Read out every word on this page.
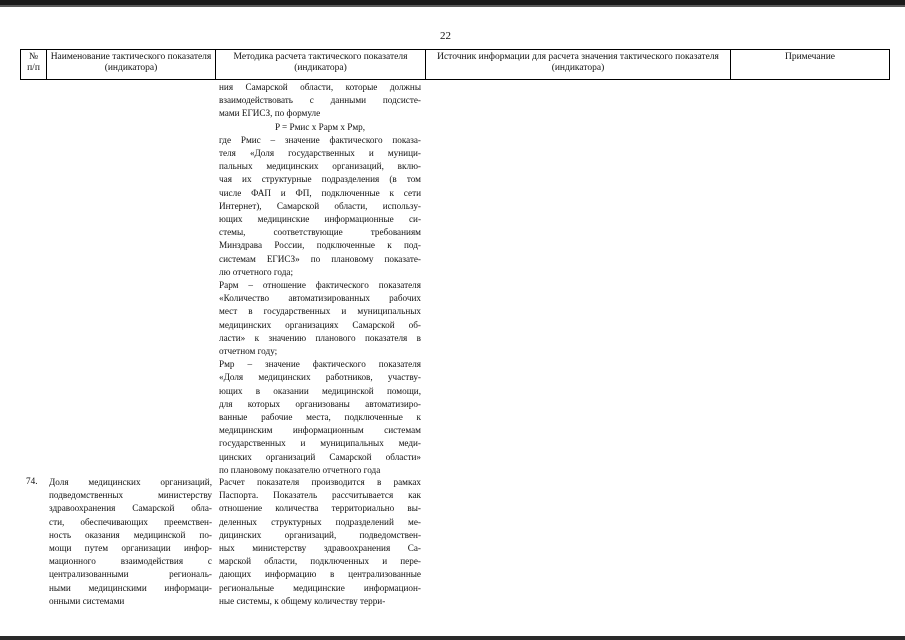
22
№
п/п
Наименование тактического показателя (индикатора)
Методика расчета тактического показателя (индикатора)
Источник информации для расчета значения тактического показателя (индикатора)
Примечание
ния Самарской области, которые должны
взаимодействовать с данными подсисте-
мами ЕГИСЗ, по формуле
P = Pмис x Pарм x Pмр,
где Pмис – значение фактического показа-
теля «Доля государственных и муници-
пальных медицинских организаций, вклю-
чая их структурные подразделения (в том
числе ФАП и ФП, подключенные к сети
Интернет), Самарской области, использу-
ющих медицинские информационные си-
стемы, соответствующие требованиям
Минздрава России, подключенные к под-
системам ЕГИСЗ» по плановому показате-
лю отчетного года;
Pарм – отношение фактического показателя
«Количество автоматизированных рабочих
мест в государственных и муниципальных
медицинских организациях Самарской об-
ласти» к значению планового показателя в
отчетном году;
Pмр – значение фактического показателя
«Доля медицинских работников, участву-
ющих в оказании медицинской помощи,
для которых организованы автоматизиро-
ванные рабочие места, подключенные к
медицинским информационным системам
государственных и муниципальных меди-
цинских организаций Самарской области»
по плановому показателю отчетного года
74. Доля медицинских организаций,
подведомственных министерству
здравоохранения Самарской обла-
сти, обеспечивающих преемствен-
ность оказания медицинской по-
мощи путем организации инфор-
мационного взаимодействия с
централизованными региональ-
ными медицинскими информаци-
онными системами
Расчет показателя производится в рамках
Паспорта. Показатель рассчитывается как
отношение количества территориально вы-
деленных структурных подразделений ме-
дицинских организаций, подведомствен-
ных министерству здравоохранения Са-
марской области, подключенных и пере-
дающих информацию в централизованные
региональные медицинские информацион-
ные системы, к общему количеству терри-
